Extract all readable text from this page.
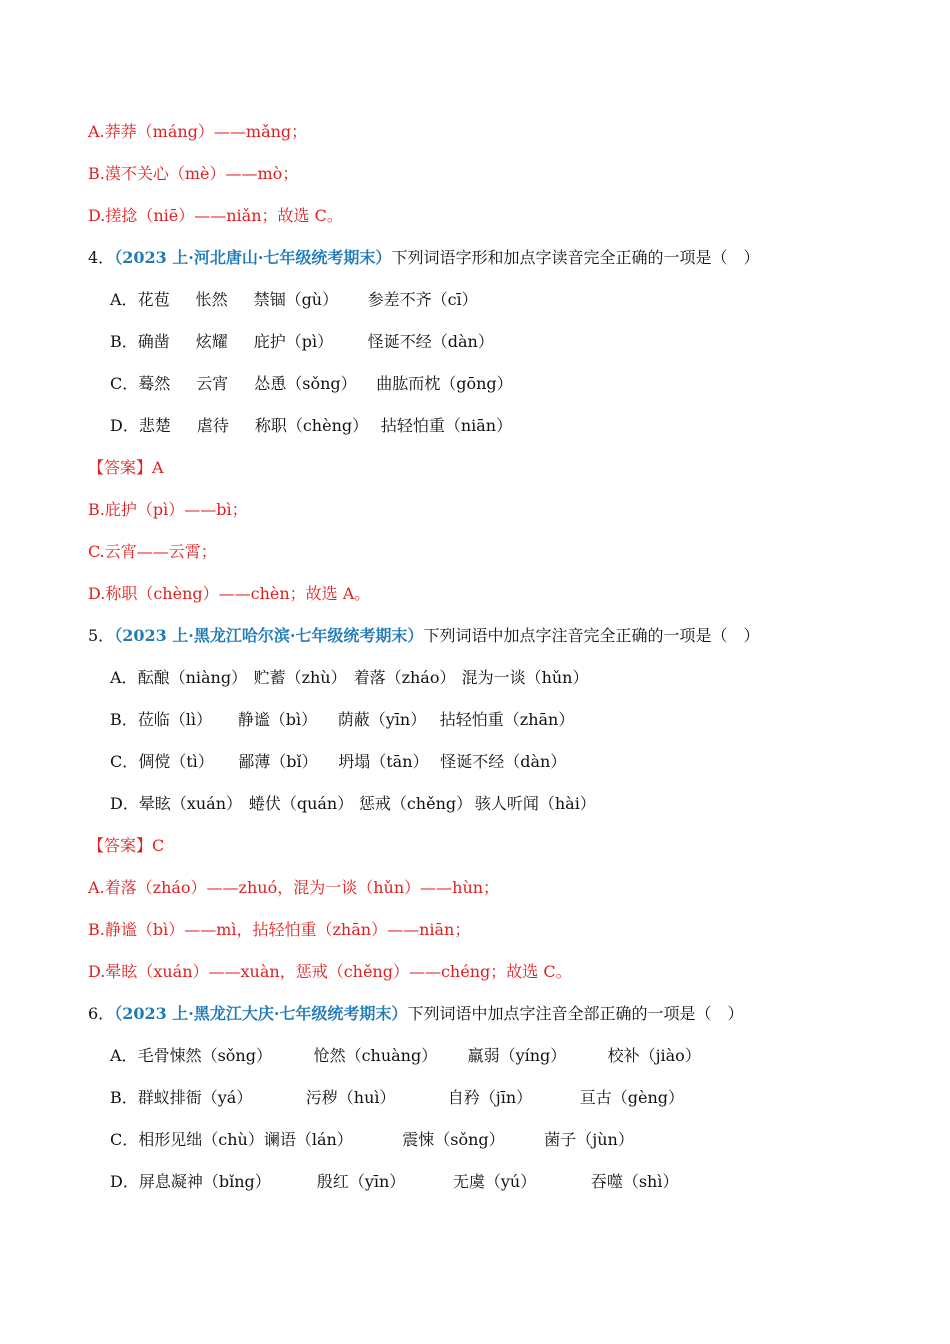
A.莽莽（máng）——mǎng；
B.漠不关心（mè）——mò；
D.搓捻（niē）——niǎn；故选 C。
4．（2023 上·河北唐山·七年级统考期末）下列词语字形和加点字读音完全正确的一项是（　）
A．花苞 怅然 禁锢（gù） 参差不齐（cī）
B．确凿 炫耀 庇护（pì） 怪诞不经（dàn）
C．蓦然 云宵 怂恿（sǒng） 曲肱而枕（gōng）
D．悲楚 虐待 称职（chèng） 拈轻怕重（niān）
【答案】A
B.庇护（pì）——bì；
C.云宵——云霄；
D.称职（chèng）——chèn；故选 A。
5．（2023 上·黑龙江哈尔滨·七年级统考期末）下列词语中加点字注音完全正确的一项是（　）
A．酝酿（niàng） 贮蓄（zhù） 着落（zháo） 混为一谈（hǔn）
B．莅临（lì） 静谧（bì） 荫蔽（yīn） 拈轻怕重（zhān）
C．倜傥（tì） 鄙薄（bǐ） 坍塌（tān） 怪诞不经（dàn）
D．晕眩（xuán） 蜷伏（quán） 惩戒（chěng） 骇人听闻（hài）
【答案】C
A.着落（zháo）——zhuó，混为一谈（hǔn）——hùn；
B.静谧（bì）——mì，拈轻怕重（zhān）——niān；
D.晕眩（xuán）——xuàn，惩戒（chěng）——chéng；故选 C。
6．（2023 上·黑龙江大庆·七年级统考期末）下列词语中加点字注音全部正确的一项是（　）
A．毛骨悚然（sǒng）	怆然（chuàng） 羸弱（yíng）	校补（jiào）
B．群蚁排衙（yá）	污秽（huì）	自矜（jīn）	亘古（gèng）
C．相形见绌（chù）谰语（lán）	震悚（sǒng） 菌子（jùn）
D．屏息凝神（bǐng）	殷红（yīn）	无虞（yú）	吞噬（shì）
